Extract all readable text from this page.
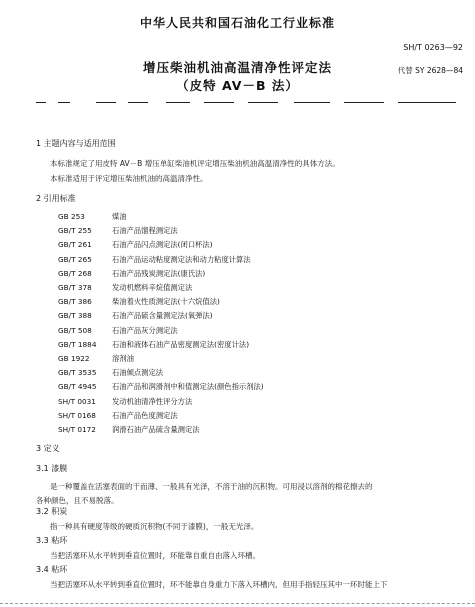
中华人民共和国石油化工行业标准
SH/T 0263—92
增压柴油机油高温清净性评定法
（皮特 AV－B 法）
代替 SY 2628—84
1 主题内容与适用范围
本标准规定了用皮特 AV－B 增压单缸柴油机评定增压柴油机油高温清净性的具体方法。
本标准适用于评定增压柴油机油的高温清净性。
2 引用标准
GB 253	煤油
GB/T 255	石油产品馏程测定法
GB/T 261	石油产品闪点测定法(闭口杯法)
GB/T 265	石油产品运动粘度测定法和动力粘度计算法
GB/T 268	石油产品残炭测定法(康氏法)
GB/T 378	发动机燃料辛烷值测定法
GB/T 386	柴油着火性质测定法(十六烷值法)
GB/T 388	石油产品硫含量测定法(氧弹法)
GB/T 508	石油产品灰分测定法
GB/T 1884 石油和液体石油产品密度测定法(密度计法)
GB 1922	溶剂油
GB/T 3535 石油倾点测定法
GB/T 4945 石油产品和润滑剂中和值测定法(颜色指示剂法)
SH/T 0031 发动机油清净性评分方法
SH/T 0168 石油产品色度测定法
SH/T 0172 润滑石油产品硫含量测定法
3 定义
3.1 漆膜
是一种覆盖在活塞表面的干而薄、一般具有光泽，不溶于油的沉积物。可用浸以溶剂的棉花擦去的
各种颜色，且不易脱落。
3.2 积炭
指一种具有硬度等级的硬质沉积物(不同于漆膜)，一般无光泽。
3.3 粘环
当把活塞环从水平转到垂直位置时，环能靠自重自由落入环槽。
3.4 粘环
当把活塞环从水平转到垂直位置时，环不能靠自身重力下落入环槽内，但用手指轻压其中一环时能上下
